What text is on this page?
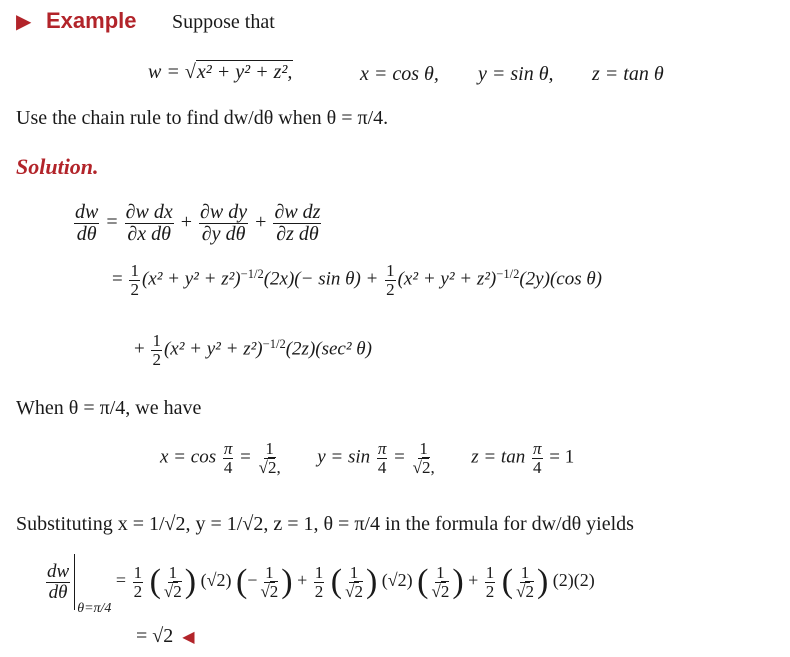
▶ Example Suppose that
w = √x² + y² + z²,	x = cos θ, y = sin θ, z = tan θ
Use the chain rule to find dw/dθ when θ = π/4.
Solution.
$\frac{dw}{d\theta} = \frac{\text{∂w dx}}{\text{∂x dθ}} + \frac{\text{∂w dy}}{\text{∂y dθ}} + \frac{\text{∂w dz}}{\text{∂z dθ}}$
= $\frac{1}{2} (x^2 + y^2 + z^2)^{-1/2}(2x)(- \sin \theta) + \frac{1}{2} (x^2 + y^2 + z^2)^{-1/2}(2y)(\cos$ θ)
+ $\frac{1}{2} (x^2 + y^2 + z^2)^{-1/2}(2z)(\sec^2$ θ)
When θ = π/4, we have
$x = \cos \frac{\pi}{4} = \frac{1}{√2,}$ $y = \sin \frac{\pi}{4} = \frac{1}{√2,}$ $z = \tan \frac{\pi}{4} = 1$
Substituting x = 1/√2, y = 1/√2, z = 1, θ = π/4 in the formula for dw/dθ yields
$\frac{dw}{d\theta}$
$_{\theta=\pi/4} = \frac{1}{2}$ ( $\frac{1}{√2}$ ) (√2) (− $\frac{1}{√2}$ ) + $\frac{1}{2}$ ( $\frac{1}{√2}$ ) (√2) ( $\frac{1}{√2}$ ) + $\frac{1}{2}$ ( $\frac{1}{√2}$ ) (2)(2)
= √2 ◀
